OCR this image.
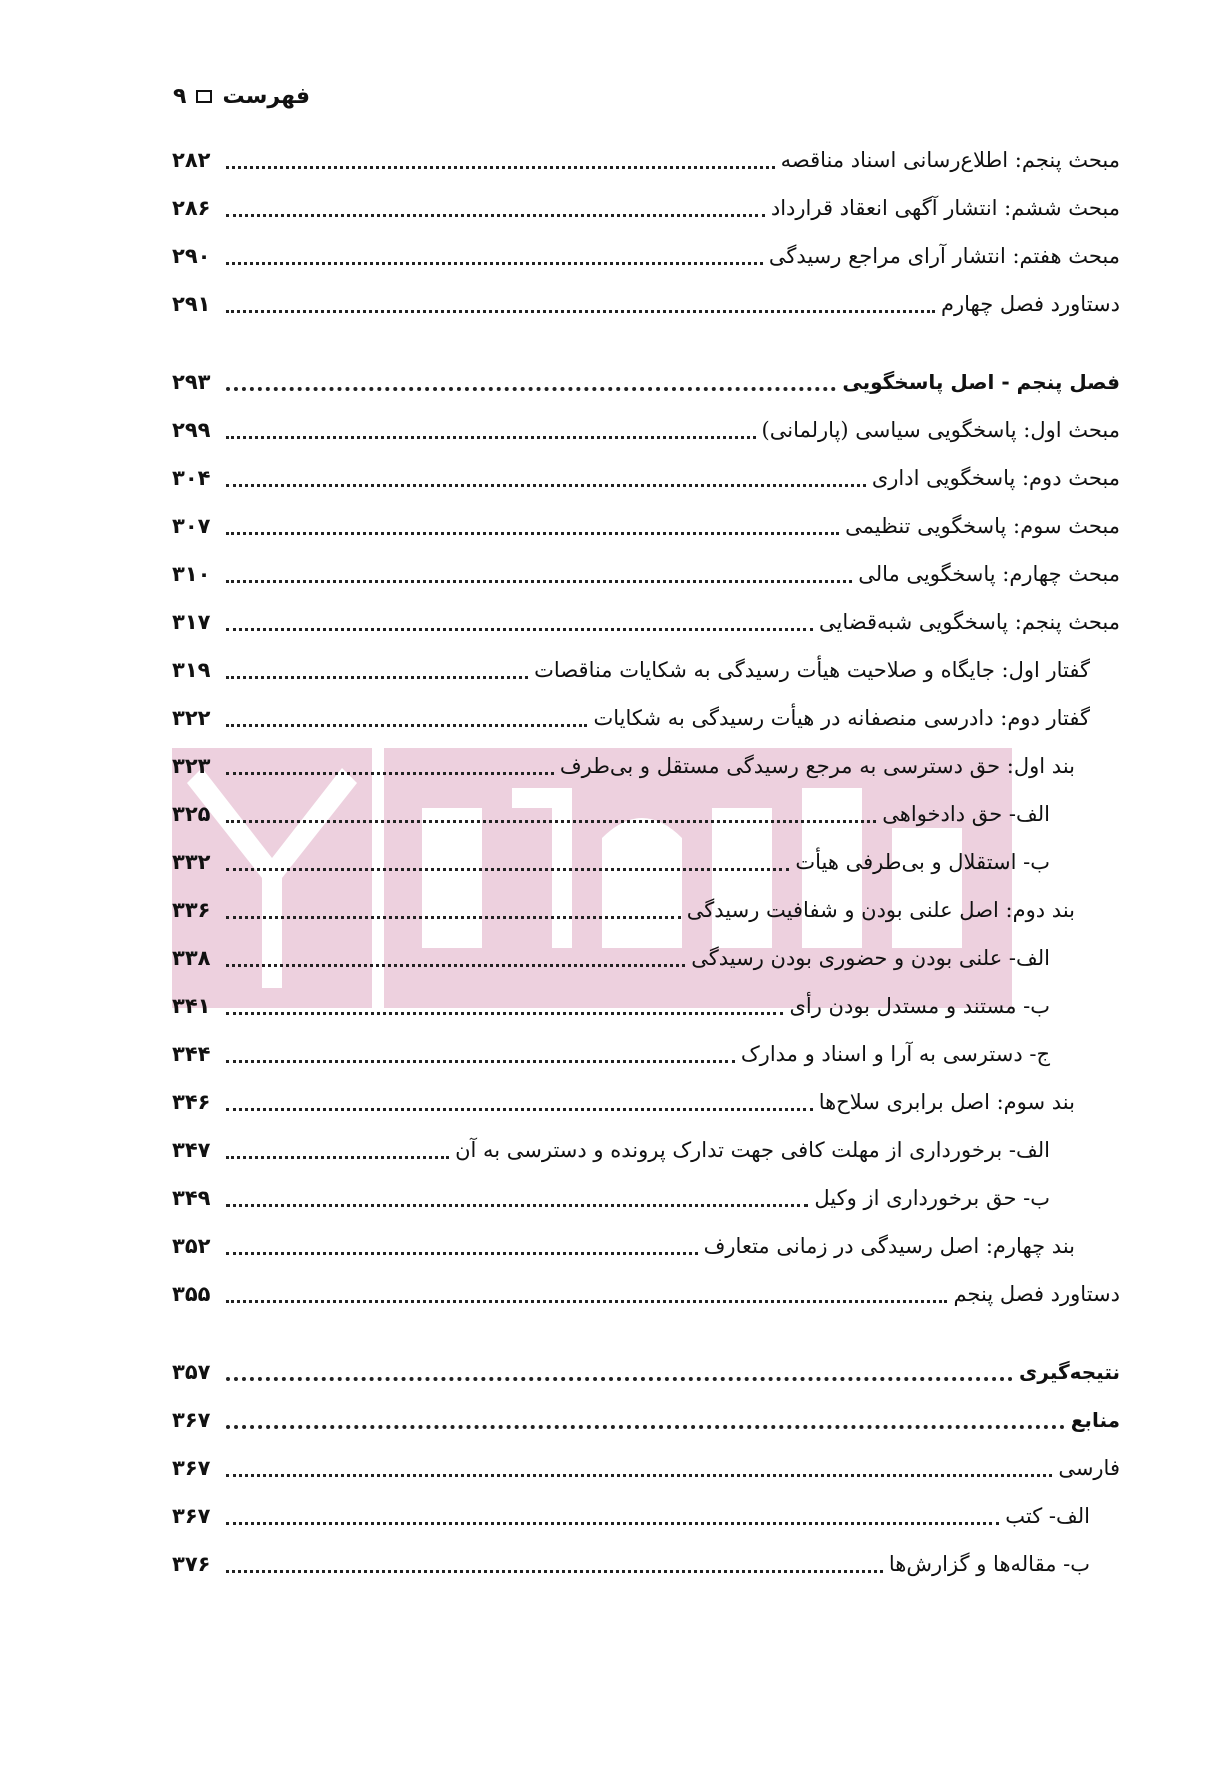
فهرست
۹
مبحث پنجم: اطلاع‌رسانی اسناد مناقصه
۲۸۲
مبحث ششم: انتشار آگهی انعقاد قرارداد
۲۸۶
مبحث هفتم: انتشار آرای مراجع رسیدگی
۲۹۰
دستاورد فصل چهارم
۲۹۱
فصل پنجم - اصل پاسخگویی
۲۹۳
مبحث اول: پاسخگویی سیاسی (پارلمانی)
۲۹۹
مبحث دوم: پاسخگویی اداری
۳۰۴
مبحث سوم: پاسخگویی تنظیمی
۳۰۷
مبحث چهارم: پاسخگویی مالی
۳۱۰
مبحث پنجم: پاسخگویی شبه‌قضایی
۳۱۷
گفتار اول: جایگاه و صلاحیت هیأت رسیدگی به شکایات مناقصات
۳۱۹
گفتار دوم: دادرسی منصفانه در هیأت رسیدگی به شکایات
۳۲۲
بند اول: حق دسترسی به مرجع رسیدگی مستقل و بی‌طرف
۳۲۳
الف- حق دادخواهی
۳۲۵
ب- استقلال و بی‌طرفی هیأت
۳۳۲
بند دوم: اصل علنی بودن و شفافیت رسیدگی
۳۳۶
الف- علنی بودن و حضوری بودن رسیدگی
۳۳۸
ب- مستند و مستدل بودن رأی
۳۴۱
ج- دسترسی به آرا و اسناد و مدارک
۳۴۴
بند سوم: اصل برابری سلاح‌ها
۳۴۶
الف- برخورداری از مهلت کافی جهت تدارک پرونده و دسترسی به آن
۳۴۷
ب- حق برخورداری از وکیل
۳۴۹
بند چهارم: اصل رسیدگی در زمانی متعارف
۳۵۲
دستاورد فصل پنجم
۳۵۵
نتیجه‌گیری
۳۵۷
منابع
۳۶۷
فارسی
۳۶۷
الف- کتب
۳۶۷
ب- مقاله‌ها و گزارش‌ها
۳۷۶
